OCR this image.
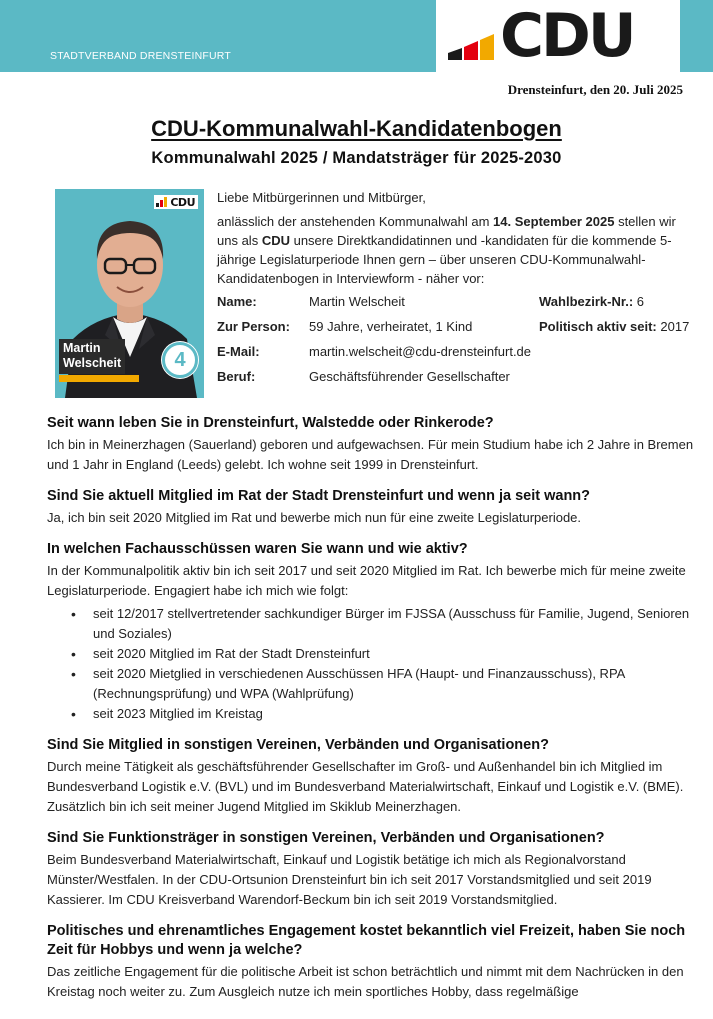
STADTVERBAND DRENSTEINFURT	CDU
Drensteinfurt, den 20. Juli 2025
CDU-Kommunalwahl-Kandidatenbogen
Kommunalwahl 2025 / Mandatsträger für 2025-2030
CDU
Martin
Welscheit	4

Liebe Mitbürgerinnen und Mitbürger,

anlässlich der anstehenden Kommunalwahl am 14. September 2025 stellen wir uns als CDU unsere Direktkandidatinnen und -kandidaten für die kommende 5-jährige Legislaturperiode Ihnen gern – über unseren CDU-Kommunalwahl-Kandidatenbogen in Interviewform - näher vor:

Name:	Martin Welscheit	Wahlbezirk-Nr.: 6
Zur Person: 59 Jahre, verheiratet, 1 Kind	Politisch aktiv seit: 2017
E-Mail:	martin.welscheit@cdu-drensteinfurt.de
Beruf:	Geschäftsführender Gesellschafter
Seit wann leben Sie in Drensteinfurt, Walstedde oder Rinkerode?
Ich bin in Meinerzhagen (Sauerland) geboren und aufgewachsen. Für mein Studium habe ich 2 Jahre in Bremen und 1 Jahr in England (Leeds) gelebt. Ich wohne seit 1999 in Drensteinfurt.
Sind Sie aktuell Mitglied im Rat der Stadt Drensteinfurt und wenn ja seit wann?
Ja, ich bin seit 2020 Mitglied im Rat und bewerbe mich nun für eine zweite Legislaturperiode.
In welchen Fachausschüssen waren Sie wann und wie aktiv?
In der Kommunalpolitik aktiv bin ich seit 2017 und seit 2020 Mitglied im Rat. Ich bewerbe mich für meine zweite Legislaturperiode. Engagiert habe ich mich wie folgt:
• seit 12/2017 stellvertretender sachkundiger Bürger im FJSSA (Ausschuss für Familie, Jugend, Senioren und Soziales)
• seit 2020 Mitglied im Rat der Stadt Drensteinfurt
• seit 2020 Mietglied in verschiedenen Ausschüssen HFA (Haupt- und Finanzausschuss), RPA (Rechnungsprüfung) und WPA (Wahlprüfung)
• seit 2023 Mitglied im Kreistag
Sind Sie Mitglied in sonstigen Vereinen, Verbänden und Organisationen?
Durch meine Tätigkeit als geschäftsführender Gesellschafter im Groß- und Außenhandel bin ich Mitglied im Bundesverband Logistik e.V. (BVL) und im Bundesverband Materialwirtschaft, Einkauf und Logistik e.V. (BME). Zusätzlich bin ich seit meiner Jugend Mitglied im Skiklub Meinerzhagen.
Sind Sie Funktionsträger in sonstigen Vereinen, Verbänden und Organisationen?
Beim Bundesverband Materialwirtschaft, Einkauf und Logistik betätige ich mich als Regionalvorstand Münster/Westfalen. In der CDU-Ortsunion Drensteinfurt bin ich seit 2017 Vorstandsmitglied und seit 2019 Kassierer. Im CDU Kreisverband Warendorf-Beckum bin ich seit 2019 Vorstandsmitglied.
Politisches und ehrenamtliches Engagement kostet bekanntlich viel Freizeit, haben Sie noch Zeit für Hobbys und wenn ja welche?
Das zeitliche Engagement für die politische Arbeit ist schon beträchtlich und nimmt mit dem Nachrücken in den Kreistag noch weiter zu. Zum Ausgleich nutze ich mein sportliches Hobby, dass regelmäßige
